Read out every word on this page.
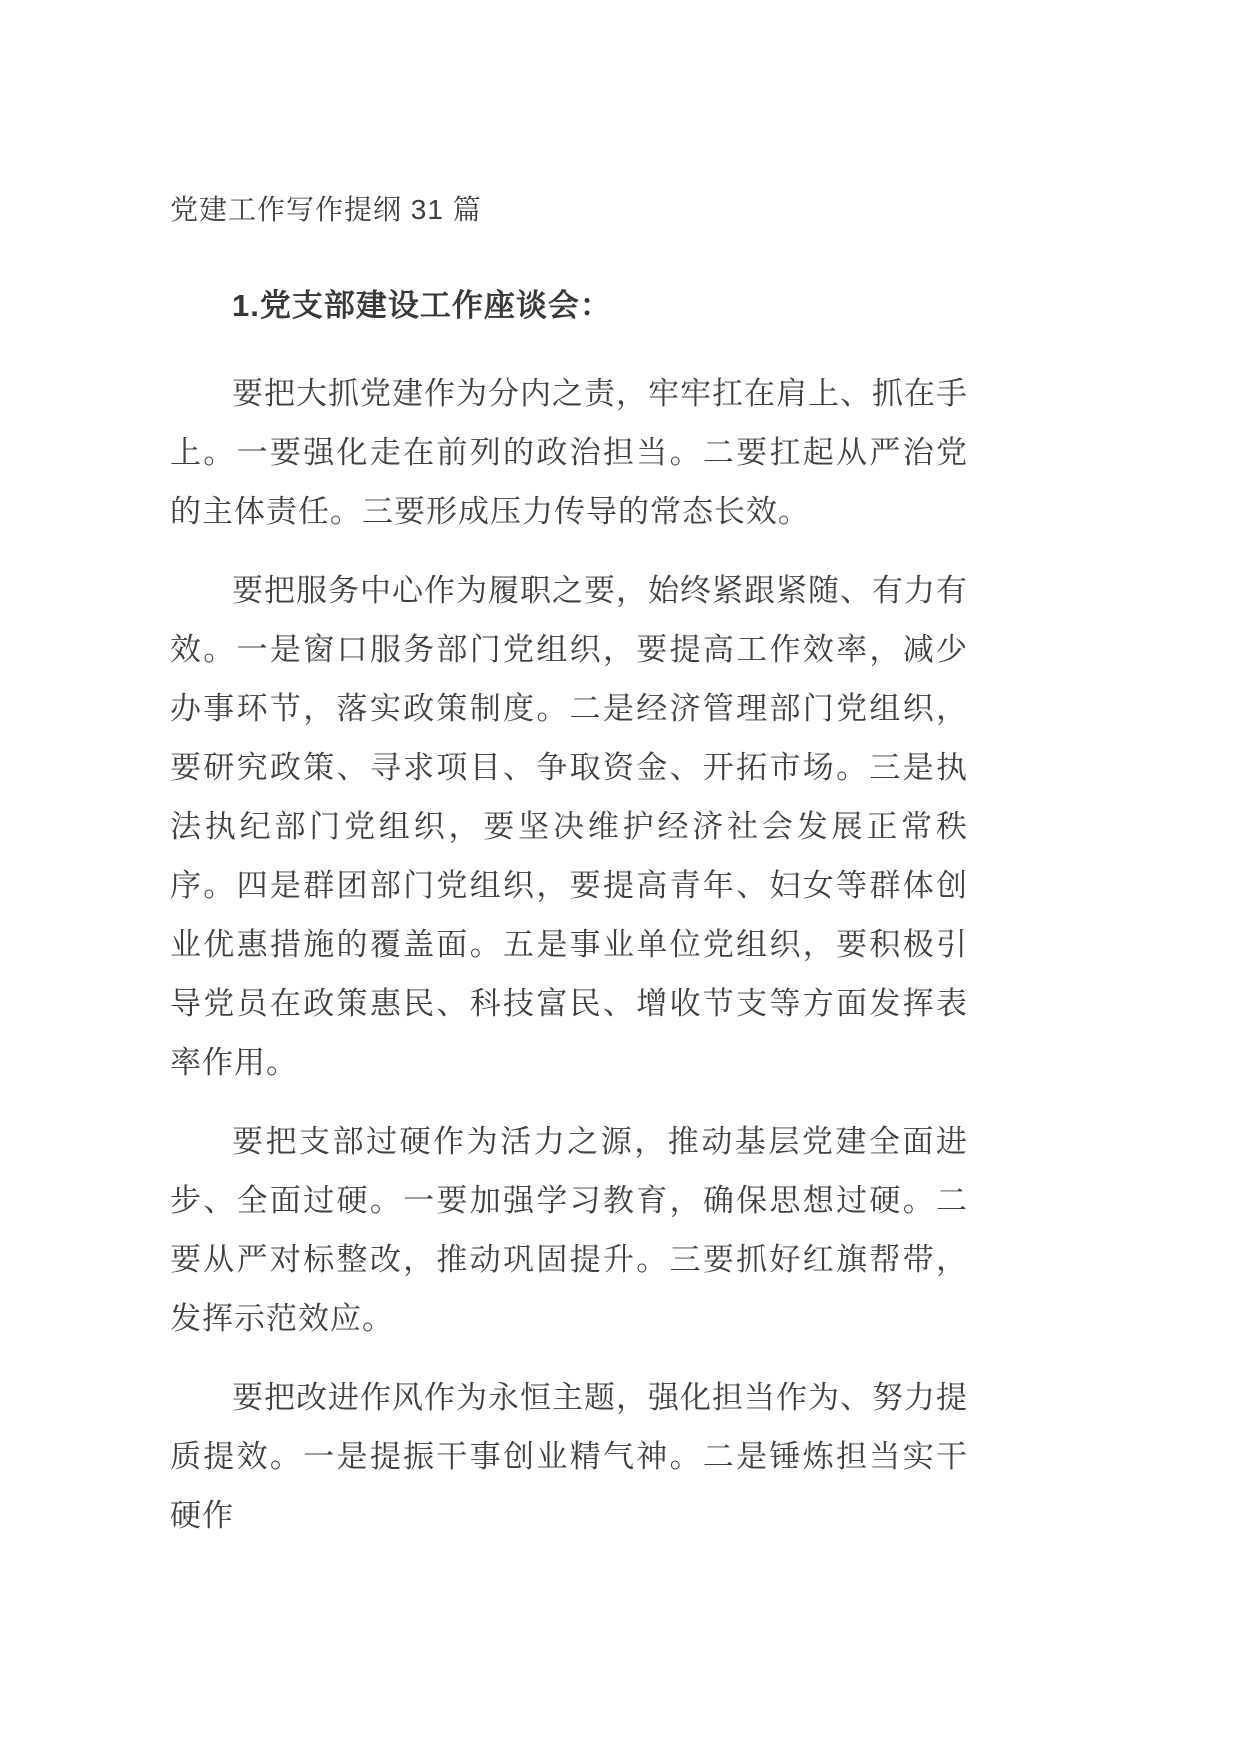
党建工作写作提纲 31 篇

1.党支部建设工作座谈会：

要把大抓党建作为分内之责，牢牢扛在肩上、抓在手上。一要强化走在前列的政治担当。二要扛起从严治党的主体责任。三要形成压力传导的常态长效。

要把服务中心作为履职之要，始终紧跟紧随、有力有效。一是窗口服务部门党组织，要提高工作效率，减少办事环节，落实政策制度。二是经济管理部门党组织，要研究政策、寻求项目、争取资金、开拓市场。三是执法执纪部门党组织，要坚决维护经济社会发展正常秩序。四是群团部门党组织，要提高青年、妇女等群体创业优惠措施的覆盖面。五是事业单位党组织，要积极引导党员在政策惠民、科技富民、增收节支等方面发挥表率作用。

要把支部过硬作为活力之源，推动基层党建全面进步、全面过硬。一要加强学习教育，确保思想过硬。二要从严对标整改，推动巩固提升。三要抓好红旗帮带，发挥示范效应。

要把改进作风作为永恒主题，强化担当作为、努力提质提效。一是提振干事创业精气神。二是锤炼担当实干硬作
